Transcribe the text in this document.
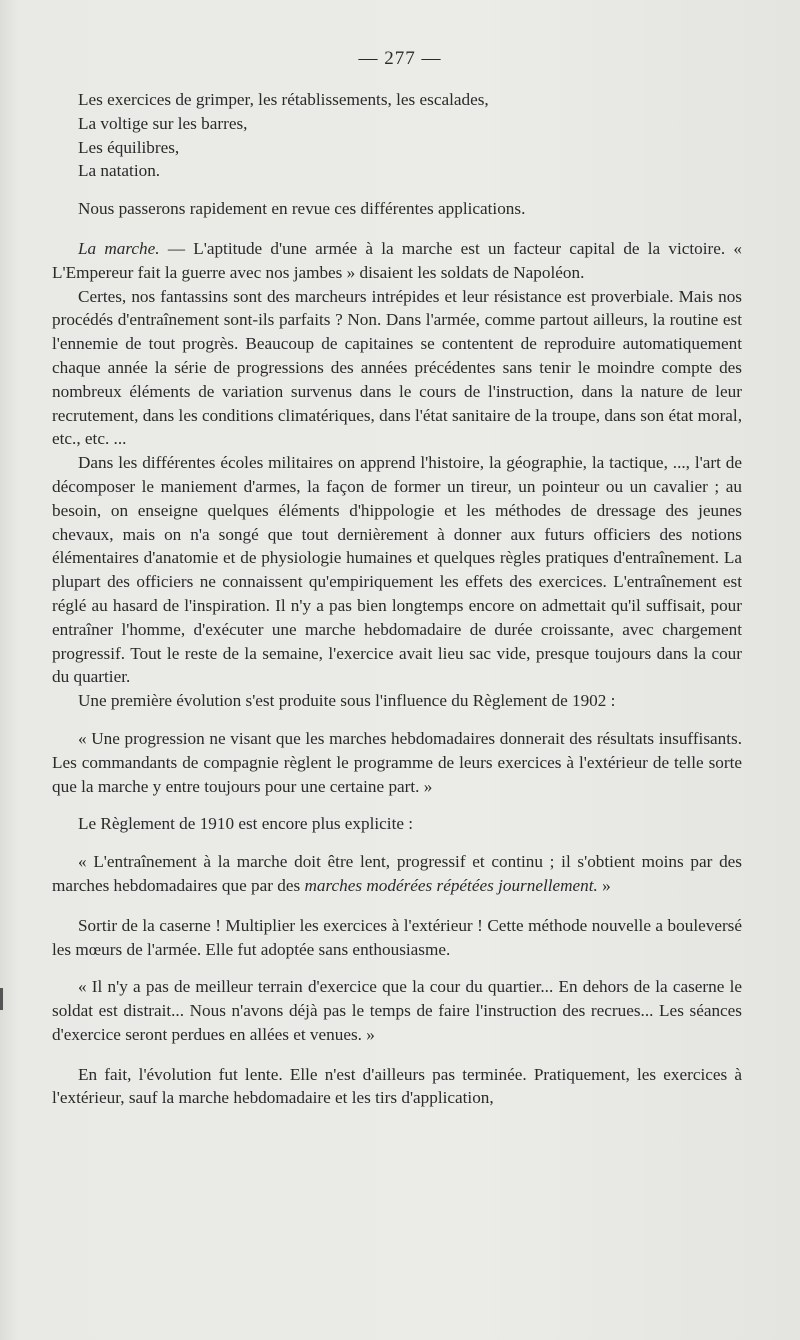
— 277 —

Les exercices de grimper, les rétablissements, les escalades,

La voltige sur les barres,

Les équilibres,

La natation.

Nous passerons rapidement en revue ces différentes applications.

La marche. — L'aptitude d'une armée à la marche est un facteur capital de la victoire. « L'Empereur fait la guerre avec nos jambes » disaient les soldats de Napoléon.

Certes, nos fantassins sont des marcheurs intrépides et leur résistance est proverbiale. Mais nos procédés d'entraînement sont-ils parfaits ? Non. Dans l'armée, comme partout ailleurs, la routine est l'ennemie de tout progrès. Beaucoup de capitaines se contentent de reproduire automatiquement chaque année la série de progressions des années précédentes sans tenir le moindre compte des nombreux éléments de variation survenus dans le cours de l'instruction, dans la nature de leur recrutement, dans les conditions climatériques, dans l'état sanitaire de la troupe, dans son état moral, etc., etc. ...

Dans les différentes écoles militaires on apprend l'histoire, la géographie, la tactique, ..., l'art de décomposer le maniement d'armes, la façon de former un tireur, un pointeur ou un cavalier ; au besoin, on enseigne quelques éléments d'hippologie et les méthodes de dressage des jeunes chevaux, mais on n'a songé que tout dernièrement à donner aux futurs officiers des notions élémentaires d'anatomie et de physiologie humaines et quelques règles pratiques d'entraînement. La plupart des officiers ne connaissent qu'empiriquement les effets des exercices. L'entraînement est réglé au hasard de l'inspiration. Il n'y a pas bien longtemps encore on admettait qu'il suffisait, pour entraîner l'homme, d'exécuter une marche hebdomadaire de durée croissante, avec chargement progressif. Tout le reste de la semaine, l'exercice avait lieu sac vide, presque toujours dans la cour du quartier.

Une première évolution s'est produite sous l'influence du Règlement de 1902 :

« Une progression ne visant que les marches hebdomadaires donnerait des résultats insuffisants. Les commandants de compagnie règlent le programme de leurs exercices à l'extérieur de telle sorte que la marche y entre toujours pour une certaine part. »

Le Règlement de 1910 est encore plus explicite :

« L'entraînement à la marche doit être lent, progressif et continu ; il s'obtient moins par des marches hebdomadaires que par des marches modérées répétées journellement. »

Sortir de la caserne ! Multiplier les exercices à l'extérieur ! Cette méthode nouvelle a bouleversé les mœurs de l'armée. Elle fut adoptée sans enthousiasme.

« Il n'y a pas de meilleur terrain d'exercice que la cour du quartier... En dehors de la caserne le soldat est distrait... Nous n'avons déjà pas le temps de faire l'instruction des recrues... Les séances d'exercice seront perdues en allées et venues. »

En fait, l'évolution fut lente. Elle n'est d'ailleurs pas terminée. Pratiquement, les exercices à l'extérieur, sauf la marche hebdomadaire et les tirs d'application,
